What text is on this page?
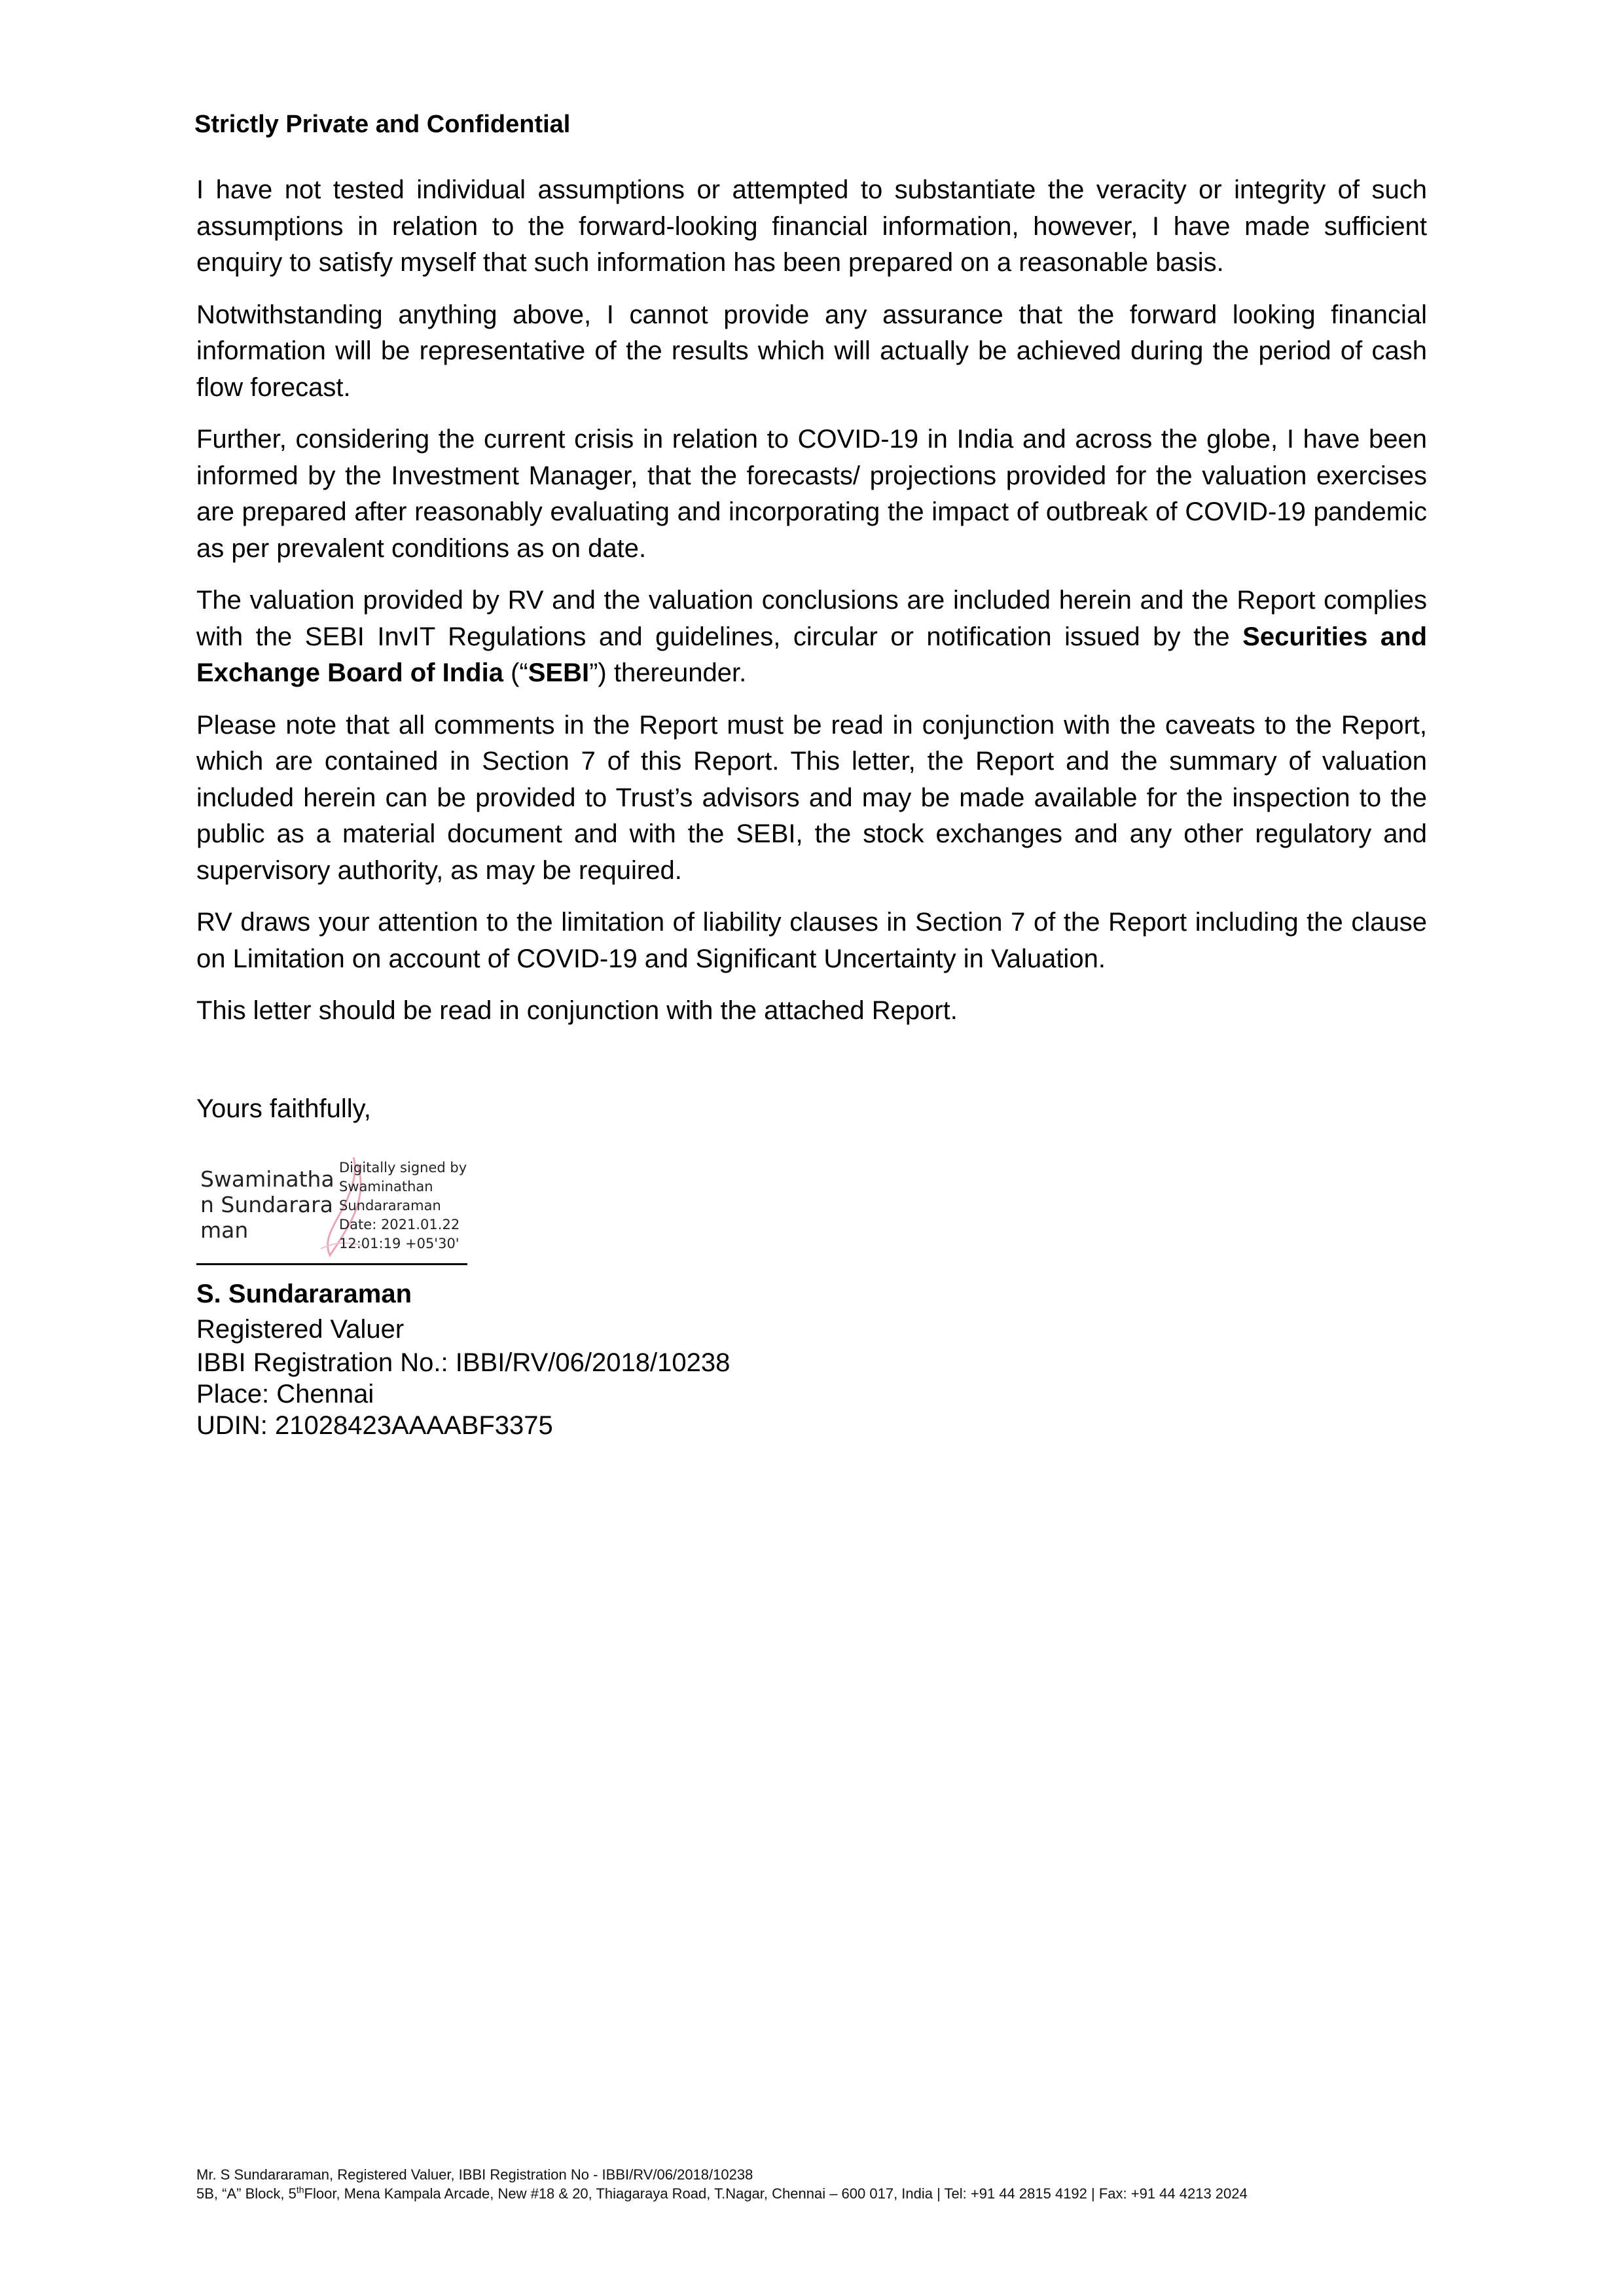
Strictly Private and Confidential

I have not tested individual assumptions or attempted to substantiate the veracity or integrity of such assumptions in relation to the forward-looking financial information, however, I have made sufficient enquiry to satisfy myself that such information has been prepared on a reasonable basis.

Notwithstanding anything above, I cannot provide any assurance that the forward looking financial information will be representative of the results which will actually be achieved during the period of cash flow forecast.

Further, considering the current crisis in relation to COVID-19 in India and across the globe, I have been informed by the Investment Manager, that the forecasts/ projections provided for the valuation exercises are prepared after reasonably evaluating and incorporating the impact of outbreak of COVID-19 pandemic as per prevalent conditions as on date.

The valuation provided by RV and the valuation conclusions are included herein and the Report complies with the SEBI InvIT Regulations and guidelines, circular or notification issued by the Securities and Exchange Board of India (“SEBI”) thereunder.

Please note that all comments in the Report must be read in conjunction with the caveats to the Report, which are contained in Section 7 of this Report. This letter, the Report and the summary of valuation included herein can be provided to Trust’s advisors and may be made available for the inspection to the public as a material document and with the SEBI, the stock exchanges and any other regulatory and supervisory authority, as may be required.

RV draws your attention to the limitation of liability clauses in Section 7 of the Report including the clause on Limitation on account of COVID-19 and Significant Uncertainty in Valuation.

This letter should be read in conjunction with the attached Report.

Yours faithfully,

Swaminathan Sundararaman
Digitally signed by
Swaminathan
Sundararaman
Date: 2021.01.22
12:01:19 +05'30'
S. Sundararaman
Registered Valuer
IBBI Registration No.: IBBI/RV/06/2018/10238
Place: Chennai
UDIN: 21028423AAAABF3375
Mr. S Sundararaman, Registered Valuer, IBBI Registration No - IBBI/RV/06/2018/10238
5B, “A” Block, 5thFloor, Mena Kampala Arcade, New #18 & 20, Thiagaraya Road, T.Nagar, Chennai – 600 017, India | Tel: +91 44 2815 4192 | Fax: +91 44 4213 2024
